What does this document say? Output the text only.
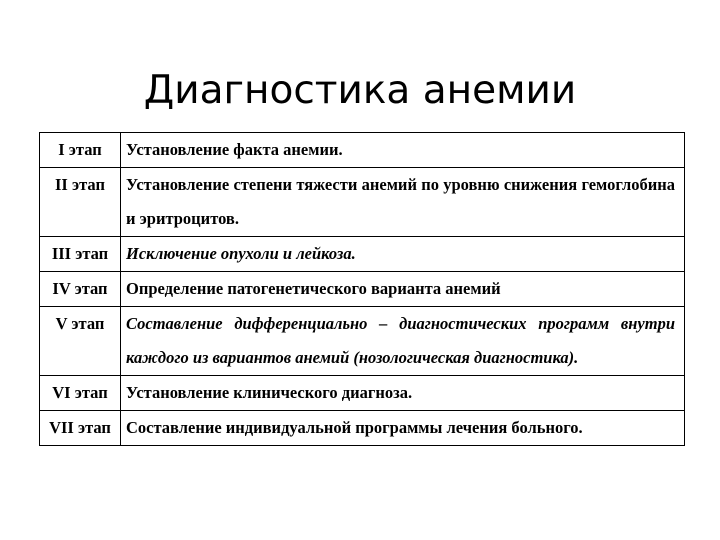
Диагностика анемии
I этап	Установление факта анемии.

II этап	Установление степени тяжести анемий по уровню снижения гемоглобина и эритроцитов.

III этап	Исключение опухоли и лейкоза.

IV этап	Определение патогенетического варианта анемий

V этап	Составление дифференциально – диагностических программ внутри каждого из вариантов анемий (нозологическая диагностика).

VI этап	Установление клинического диагноза.

VII этап	Составление индивидуальной программы лечения больного.
